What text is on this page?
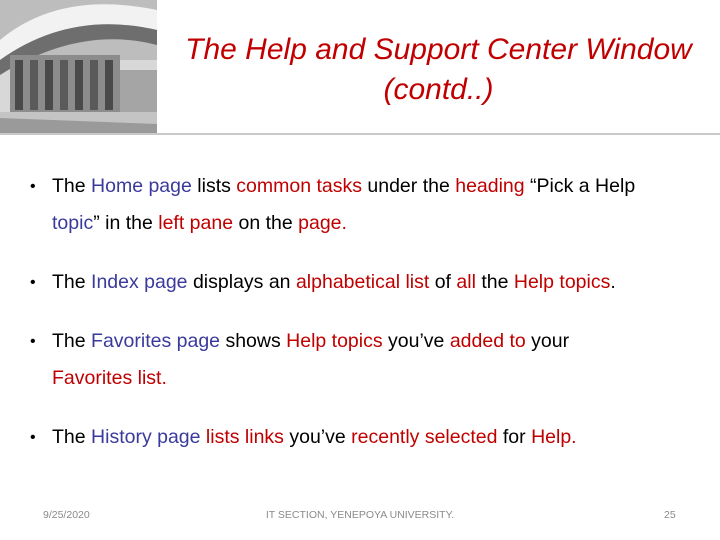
The Help and Support Center Window
(contd..)
• The Home page lists common tasks under the heading “Pick a Help
topic” in the left pane on the page.
• The Index page displays an alphabetical list of all the Help topics.
• The Favorites page shows Help topics you’ve added to your
Favorites list.
• The History page lists links you’ve recently selected for Help.
9/25/2020	IT SECTION, YENEPOYA UNIVERSITY.	25
